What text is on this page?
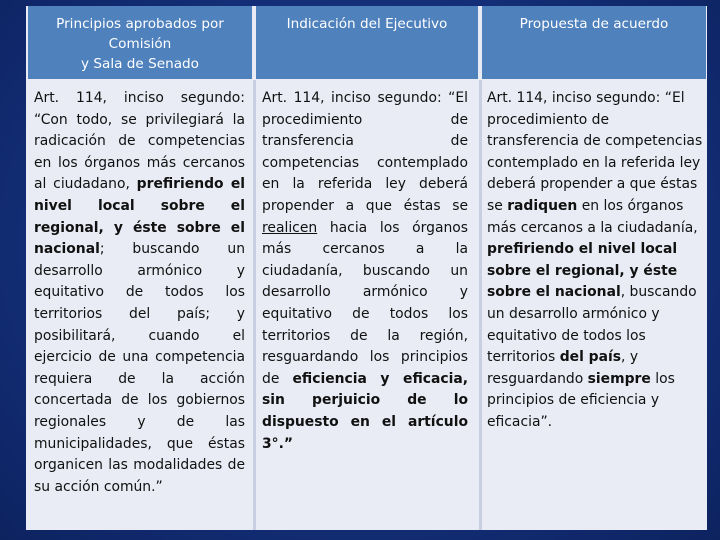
Principios aprobados por
Comisión
y Sala de Senado
Indicación del Ejecutivo	Propuesta de acuerdo
Art. 114, inciso segundo: “Con todo, se privilegiará la radicación de competencias en los órganos más cercanos al ciudadano, prefiriendo el nivel local sobre el regional, y éste sobre el nacional; buscando un desarrollo armónico y equitativo de todos los territorios del país; y posibilitará, cuando el ejercicio de una competencia requiera de la acción concertada de los gobiernos regionales y de las municipalidades, que éstas organicen las modalidades de su acción común.”
Art. 114, inciso segundo: “El procedimiento de transferencia de competencias contemplado en la referida ley deberá propender a que éstas se realicen hacia los órganos más cercanos a la ciudadanía, buscando un desarrollo armónico y equitativo de todos los territorios de la región, resguardando los principios de eficiencia y eficacia, sin perjuicio de lo dispuesto en el artículo 3°.”
Art. 114, inciso segundo: “El procedimiento de transferencia de competencias contemplado en la referida ley deberá propender a que éstas se radiquen en los órganos más cercanos a la ciudadanía, prefiriendo el nivel local sobre el regional, y éste sobre el nacional, buscando un desarrollo armónico y equitativo de todos los territorios del país, y resguardando siempre los principios de eficiencia y eficacia”.
